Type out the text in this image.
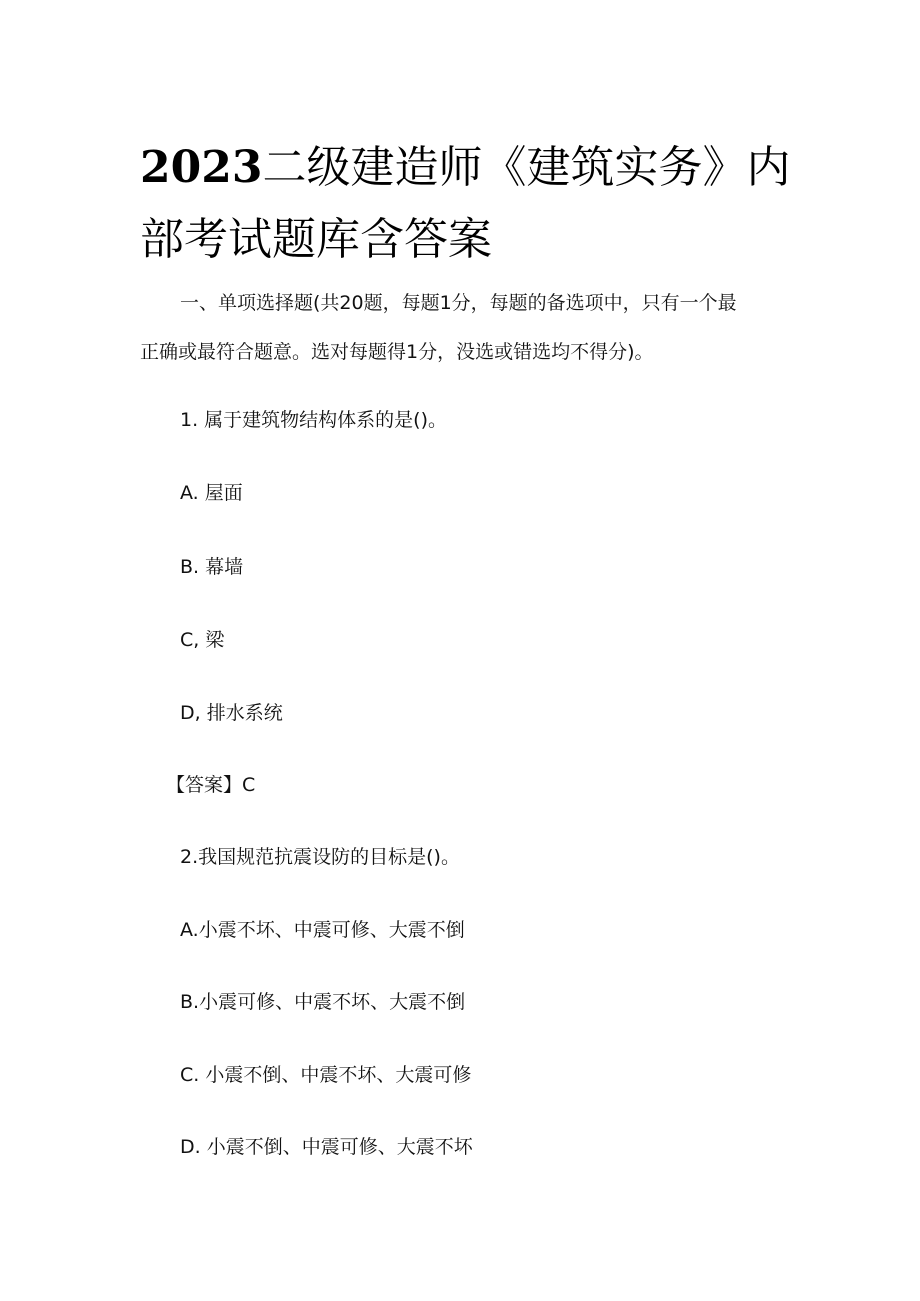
2023二级建造师《建筑实务》内
部考试题库含答案
一、单项选择题(共20题，每题1分，每题的备选项中，只有一个最
正确或最符合题意。选对每题得1分，没选或错选均不得分)。
1. 属于建筑物结构体系的是()。
A. 屋面
B. 幕墙
C, 梁
D, 排水系统
【答案】C
2.我国规范抗震设防的目标是()。
A.小震不坏、中震可修、大震不倒
B.小震可修、中震不坏、大震不倒
C. 小震不倒、中震不坏、大震可修
D. 小震不倒、中震可修、大震不坏
